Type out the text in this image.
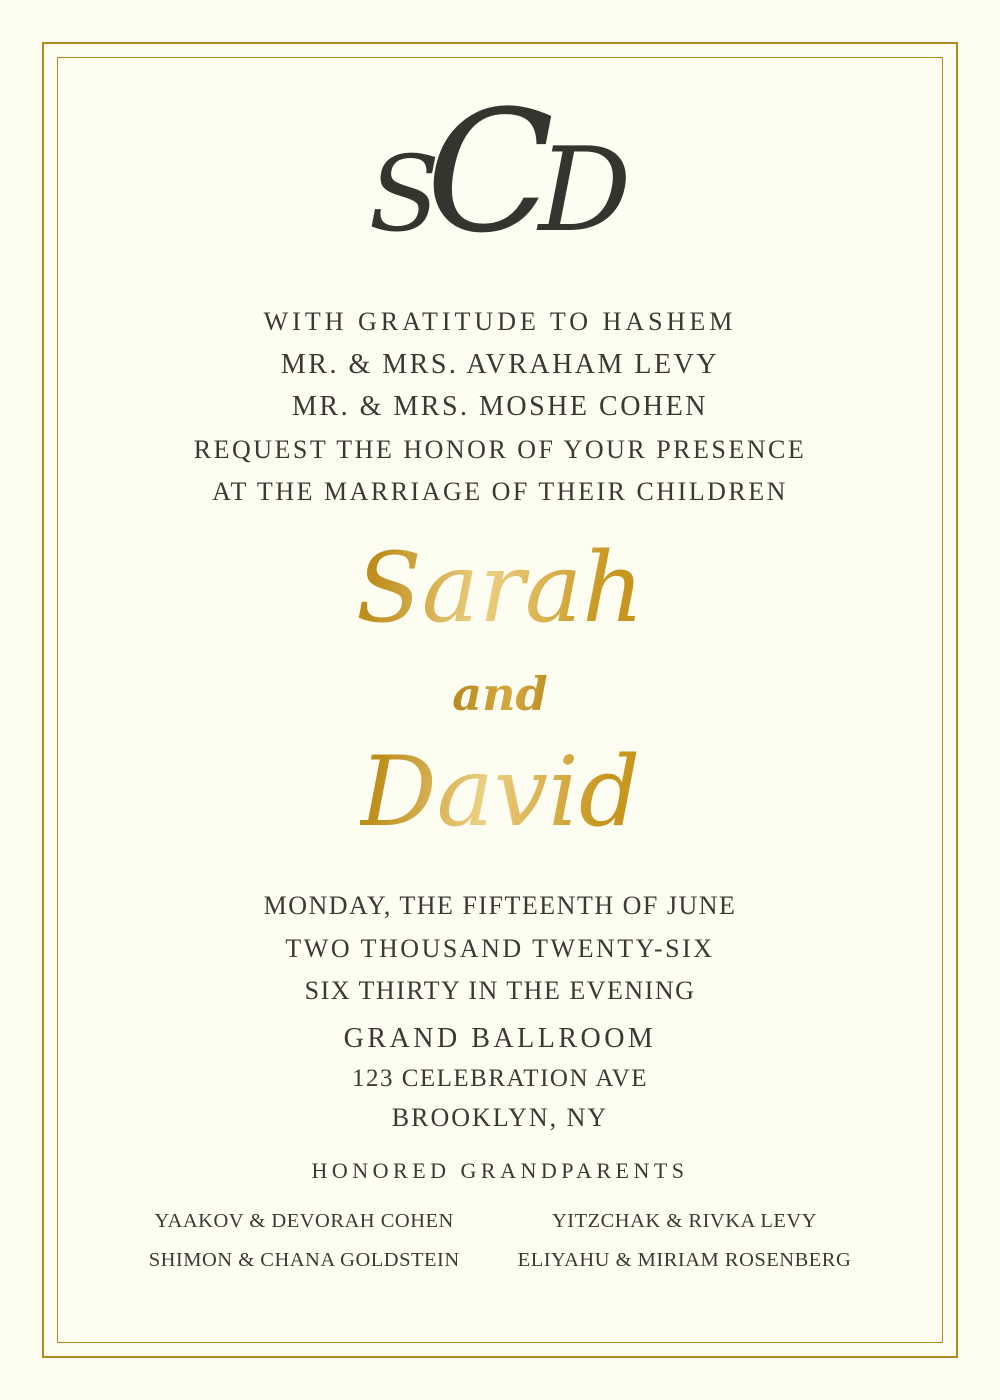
S
C
D
WITH GRATITUDE TO HASHEM
MR. & MRS. AVRAHAM LEVY
MR. & MRS. MOSHE COHEN
REQUEST THE HONOR OF YOUR PRESENCE
AT THE MARRIAGE OF THEIR CHILDREN
Sarah
and
David
MONDAY, THE FIFTEENTH OF JUNE
TWO THOUSAND TWENTY-SIX
SIX THIRTY IN THE EVENING
GRAND BALLROOM
123 CELEBRATION AVE
BROOKLYN, NY
HONORED GRANDPARENTS
YAAKOV & DEVORAH COHEN
SHIMON & CHANA GOLDSTEIN
YITZCHAK & RIVKA LEVY
ELIYAHU & MIRIAM ROSENBERG
